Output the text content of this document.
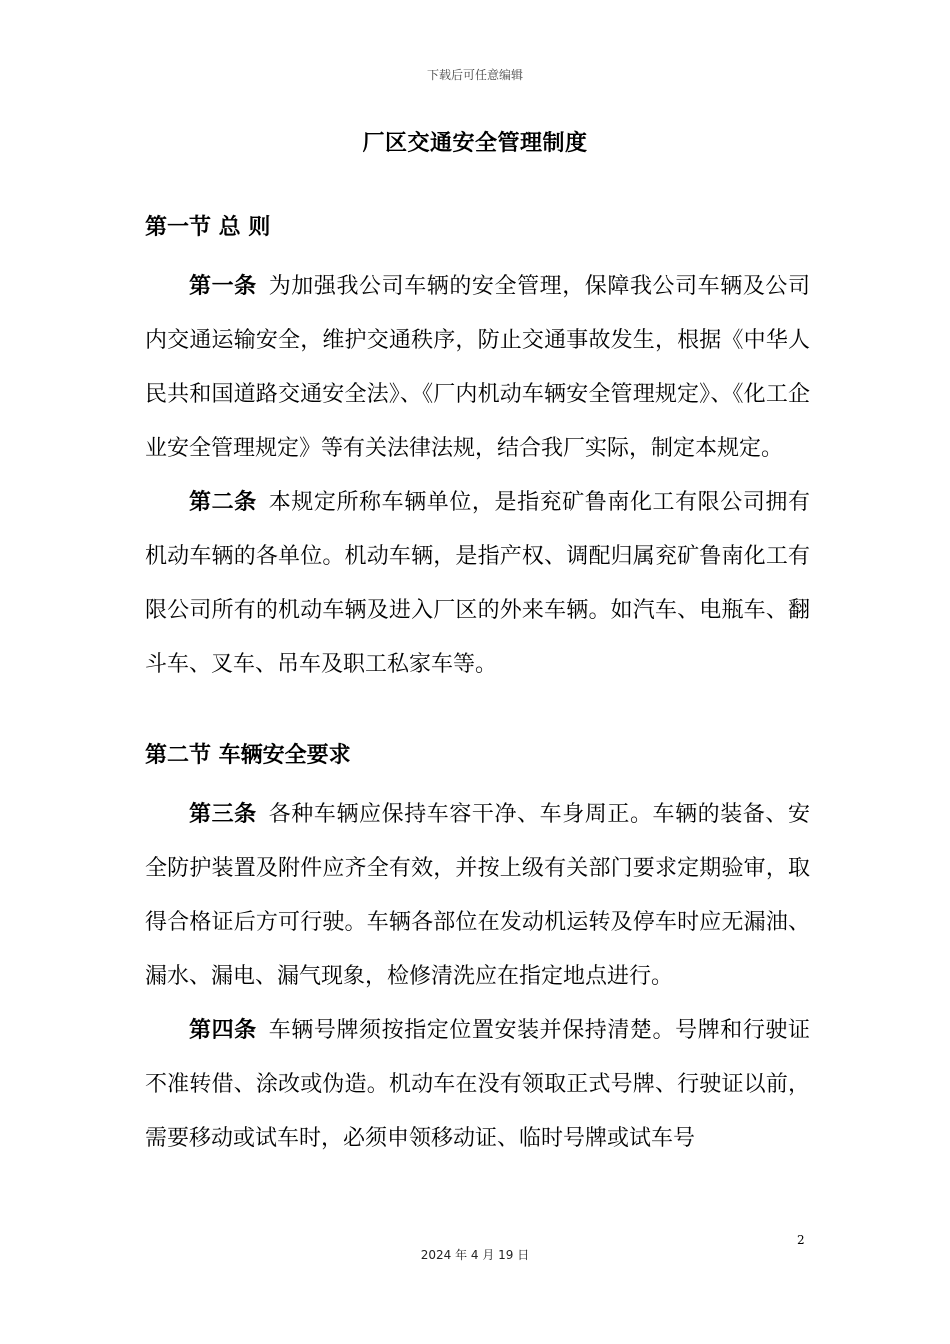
下载后可任意编辑
厂区交通安全管理制度
第一节 总 则

第一条 为加强我公司车辆的安全管理，保障我公司车辆及公司内交通运输安全，维护交通秩序，防止交通事故发生，根据《中华人民共和国道路交通安全法》、《厂内机动车辆安全管理规定》、《化工企业安全管理规定》等有关法律法规，结合我厂实际，制定本规定。

第二条 本规定所称车辆单位，是指兖矿鲁南化工有限公司拥有机动车辆的各单位。机动车辆，是指产权、调配归属兖矿鲁南化工有限公司所有的机动车辆及进入厂区的外来车辆。如汽车、电瓶车、翻斗车、叉车、吊车及职工私家车等。

第二节 车辆安全要求

第三条 各种车辆应保持车容干净、车身周正。车辆的装备、安全防护装置及附件应齐全有效，并按上级有关部门要求定期验审，取得合格证后方可行驶。车辆各部位在发动机运转及停车时应无漏油、漏水、漏电、漏气现象，检修清洗应在指定地点进行。

第四条 车辆号牌须按指定位置安装并保持清楚。号牌和行驶证不准转借、涂改或伪造。机动车在没有领取正式号牌、行驶证以前，需要移动或试车时，必须申领移动证、临时号牌或试车号

2
2024 年 4 月 19 日
